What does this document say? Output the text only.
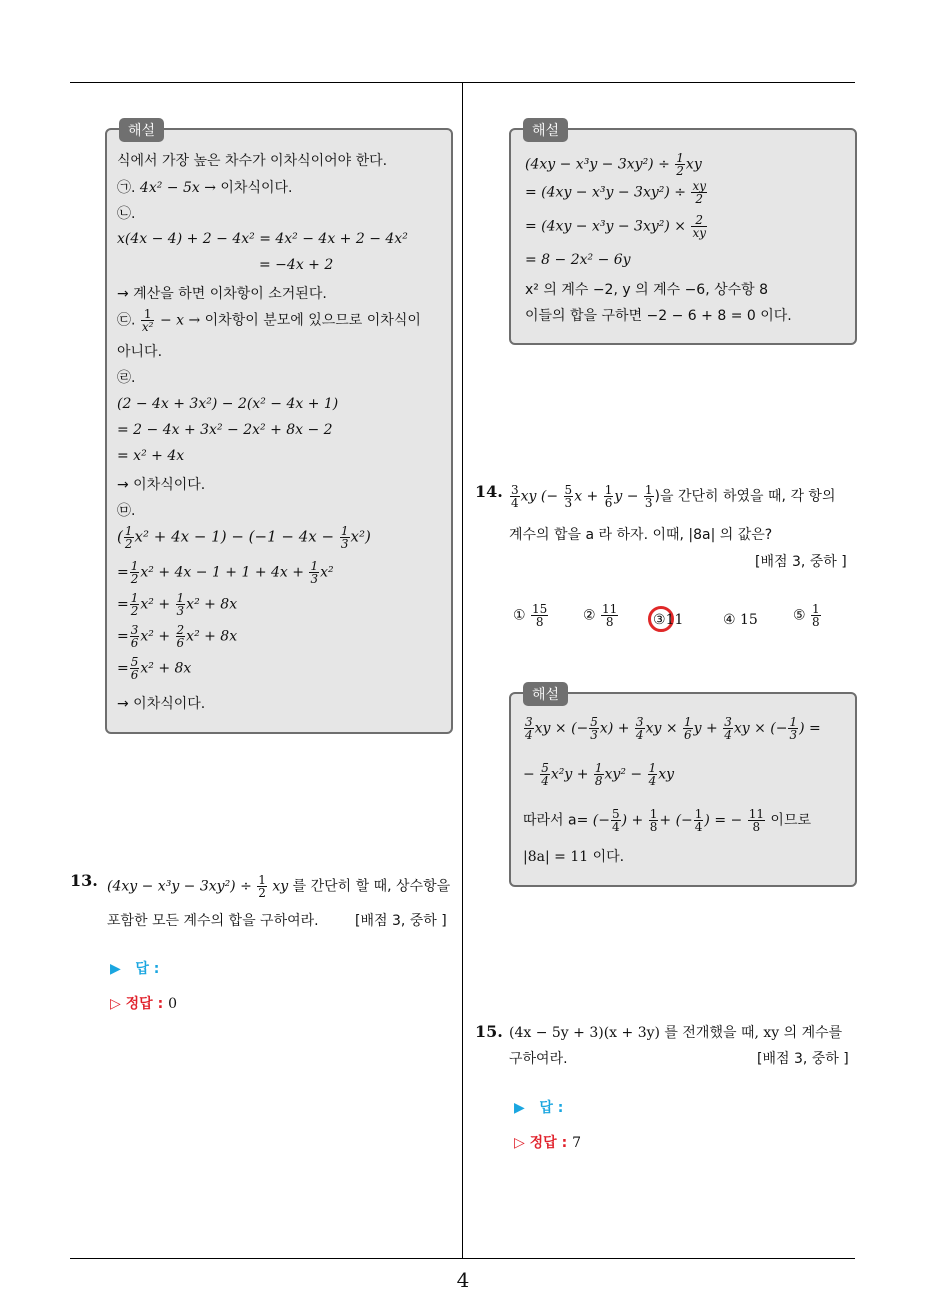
해설
식에서 가장 높은 차수가 이차식이어야 한다.
㉠. 4x² − 5x → 이차식이다.
㉡.
x(4x − 4) + 2 − 4x² = 4x² − 4x + 2 − 4x²
= −4x + 2
→ 계산을 하면 이차항이 소거된다.
㉢. $\frac{1}{\text{x²}} - x$ → 이차항이 분모에 있으므로 이차식이
아니다.
㉣.
(2 − 4x + 3x²) − 2(x² − 4x + 1)
= 2 − 4x + 3x² − 2x² + 8x − 2
= x² + 4x
→ 이차식이다.
㉤.
( $\frac{1}{2} x^2 + 4x - 1) - (-1 - 4x - \frac{1}{3} x^2)$
= $\frac{1}{2} x^2 + 4x - 1 + 1 + 4x + \frac{1}{3} x^2$
= $\frac{1}{2} x^2 + \frac{1}{3} x^2 + 8x$
= $\frac{3}{6} x^2 + \frac{2}{6} x^2 + 8x$
= $\frac{5}{6} x^2 + 8x$
→ 이차식이다.
13. $(4xy - x^3y - 3xy^2) \div \frac{1}{2}$ xy 를 간단히 할 때, 상수항을
포함한 모든 계수의 합을 구하여라.	[배점 3, 중하 ]
▶ 답 :
▷ 정답 : 0
해설
$(4xy - x^3y - 3xy^2) \div \frac{1}{2}$ xy
= $(4xy - x^3y - 3xy^2) \div \frac{xy}{2}$
= $(4xy - x^3y - 3xy^2) \times \frac{2}{xy}$
= 8 − 2x² − 6y
x² 의 계수 −2, y 의 계수 −6, 상수항 8
이들의 합을 구하면 −2 − 6 + 8 = 0 이다.
14. $\frac{3}{4}$ xy (− $\frac{5}{3}$ $x + \frac{1}{6}$ $y - \frac{1}{3}$ )을 간단히 하였을 때, 각 항의
계수의 합을 a 라 하자. 이때, |8a| 의 값은?
[배점 3, 중하 ]
① $\frac{15}{8}$ ② $\frac{11}{8}$ ③11	④ 15	⑤ $\frac{1}{8}$
해설
$\frac{3}{4}$ xy × (− $\frac{5}{3} x) + \frac{3}{4}$ xy × $\frac{1}{6}$ $y + \frac{3}{4}$ xy × (− $\frac{1}{3}$ ) =
− $\frac{5}{4} x^2y + \frac{1}{8} xy^2 - \frac{1}{4}$ xy
따라서 a= (− $\frac{5}{4}$ ) + $\frac{1}{8}$ + (− $\frac{1}{4}$ ) = − $\frac{11}{8}$ 이므로
|8a| = 11 이다.
15. (4x − 5y + 3)(x + 3y) 를 전개했을 때, xy 의 계수를
구하여라.	[배점 3, 중하 ]
▶ 답 :
▷ 정답 : 7
4
